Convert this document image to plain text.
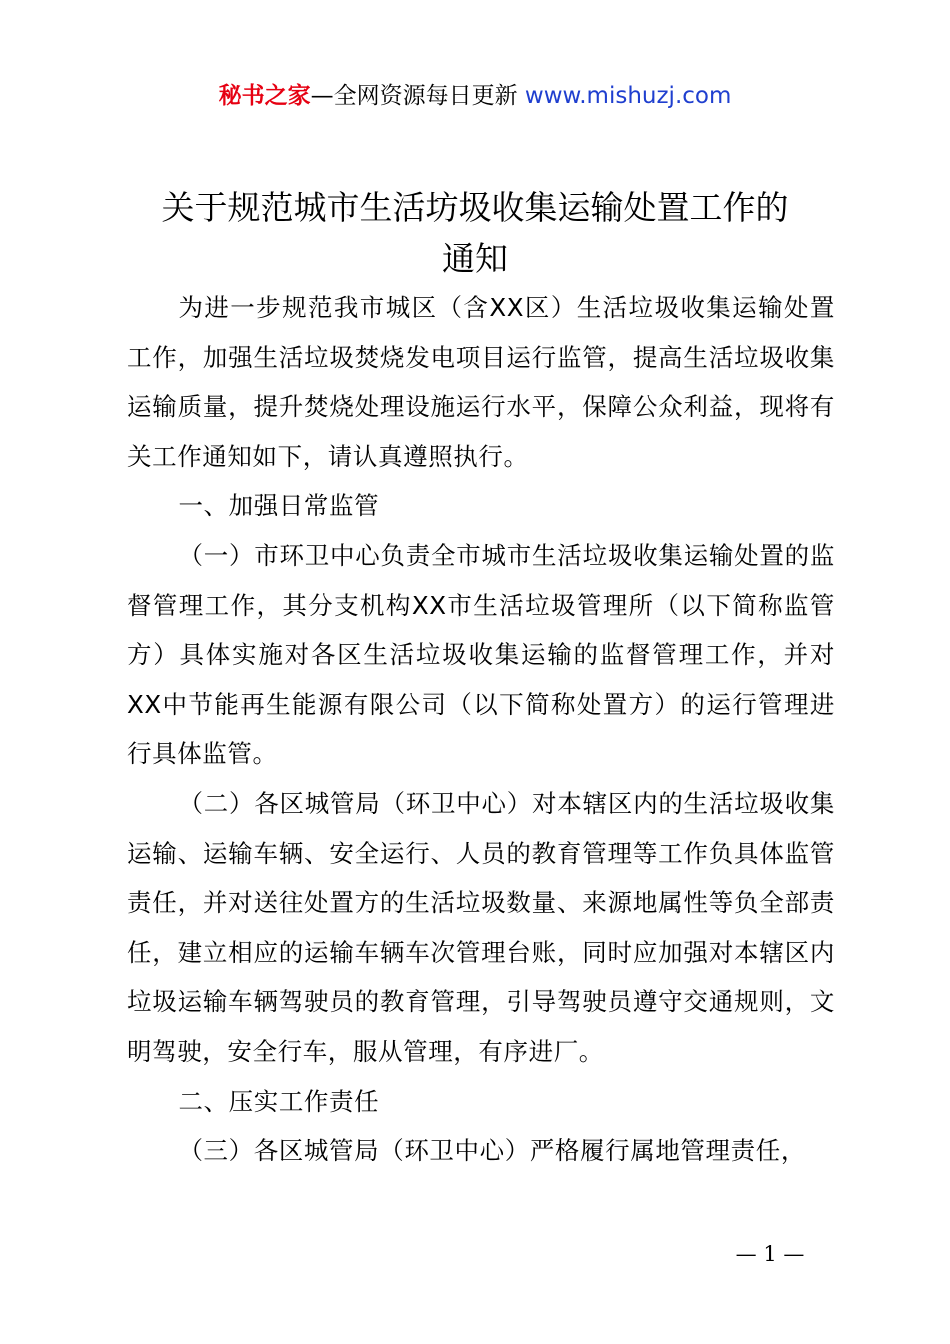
秘书之家—全网资源每日更新 www.mishuzj.com
关于规范城市生活坊圾收集运输处置工作的
通知

为进一步规范我市城区（含XX区）生活垃圾收集运输处置工作，加强生活垃圾焚烧发电项目运行监管，提高生活垃圾收集运输质量，提升焚烧处理设施运行水平，保障公众利益，现将有关工作通知如下，请认真遵照执行。

一、加强日常监管

（一）市环卫中心负责全市城市生活垃圾收集运输处置的监督管理工作，其分支机构XX市生活垃圾管理所（以下简称监管方）具体实施对各区生活垃圾收集运输的监督管理工作，并对XX中节能再生能源有限公司（以下简称处置方）的运行管理进行具体监管。

（二）各区城管局（环卫中心）对本辖区内的生活垃圾收集运输、运输车辆、安全运行、人员的教育管理等工作负具体监管责任，并对送往处置方的生活垃圾数量、来源地属性等负全部责任，建立相应的运输车辆车次管理台账，同时应加强对本辖区内垃圾运输车辆驾驶员的教育管理，引导驾驶员遵守交通规则，文明驾驶，安全行车，服从管理，有序进厂。

二、压实工作责任

（三）各区城管局（环卫中心）严格履行属地管理责任，

— 1 —
